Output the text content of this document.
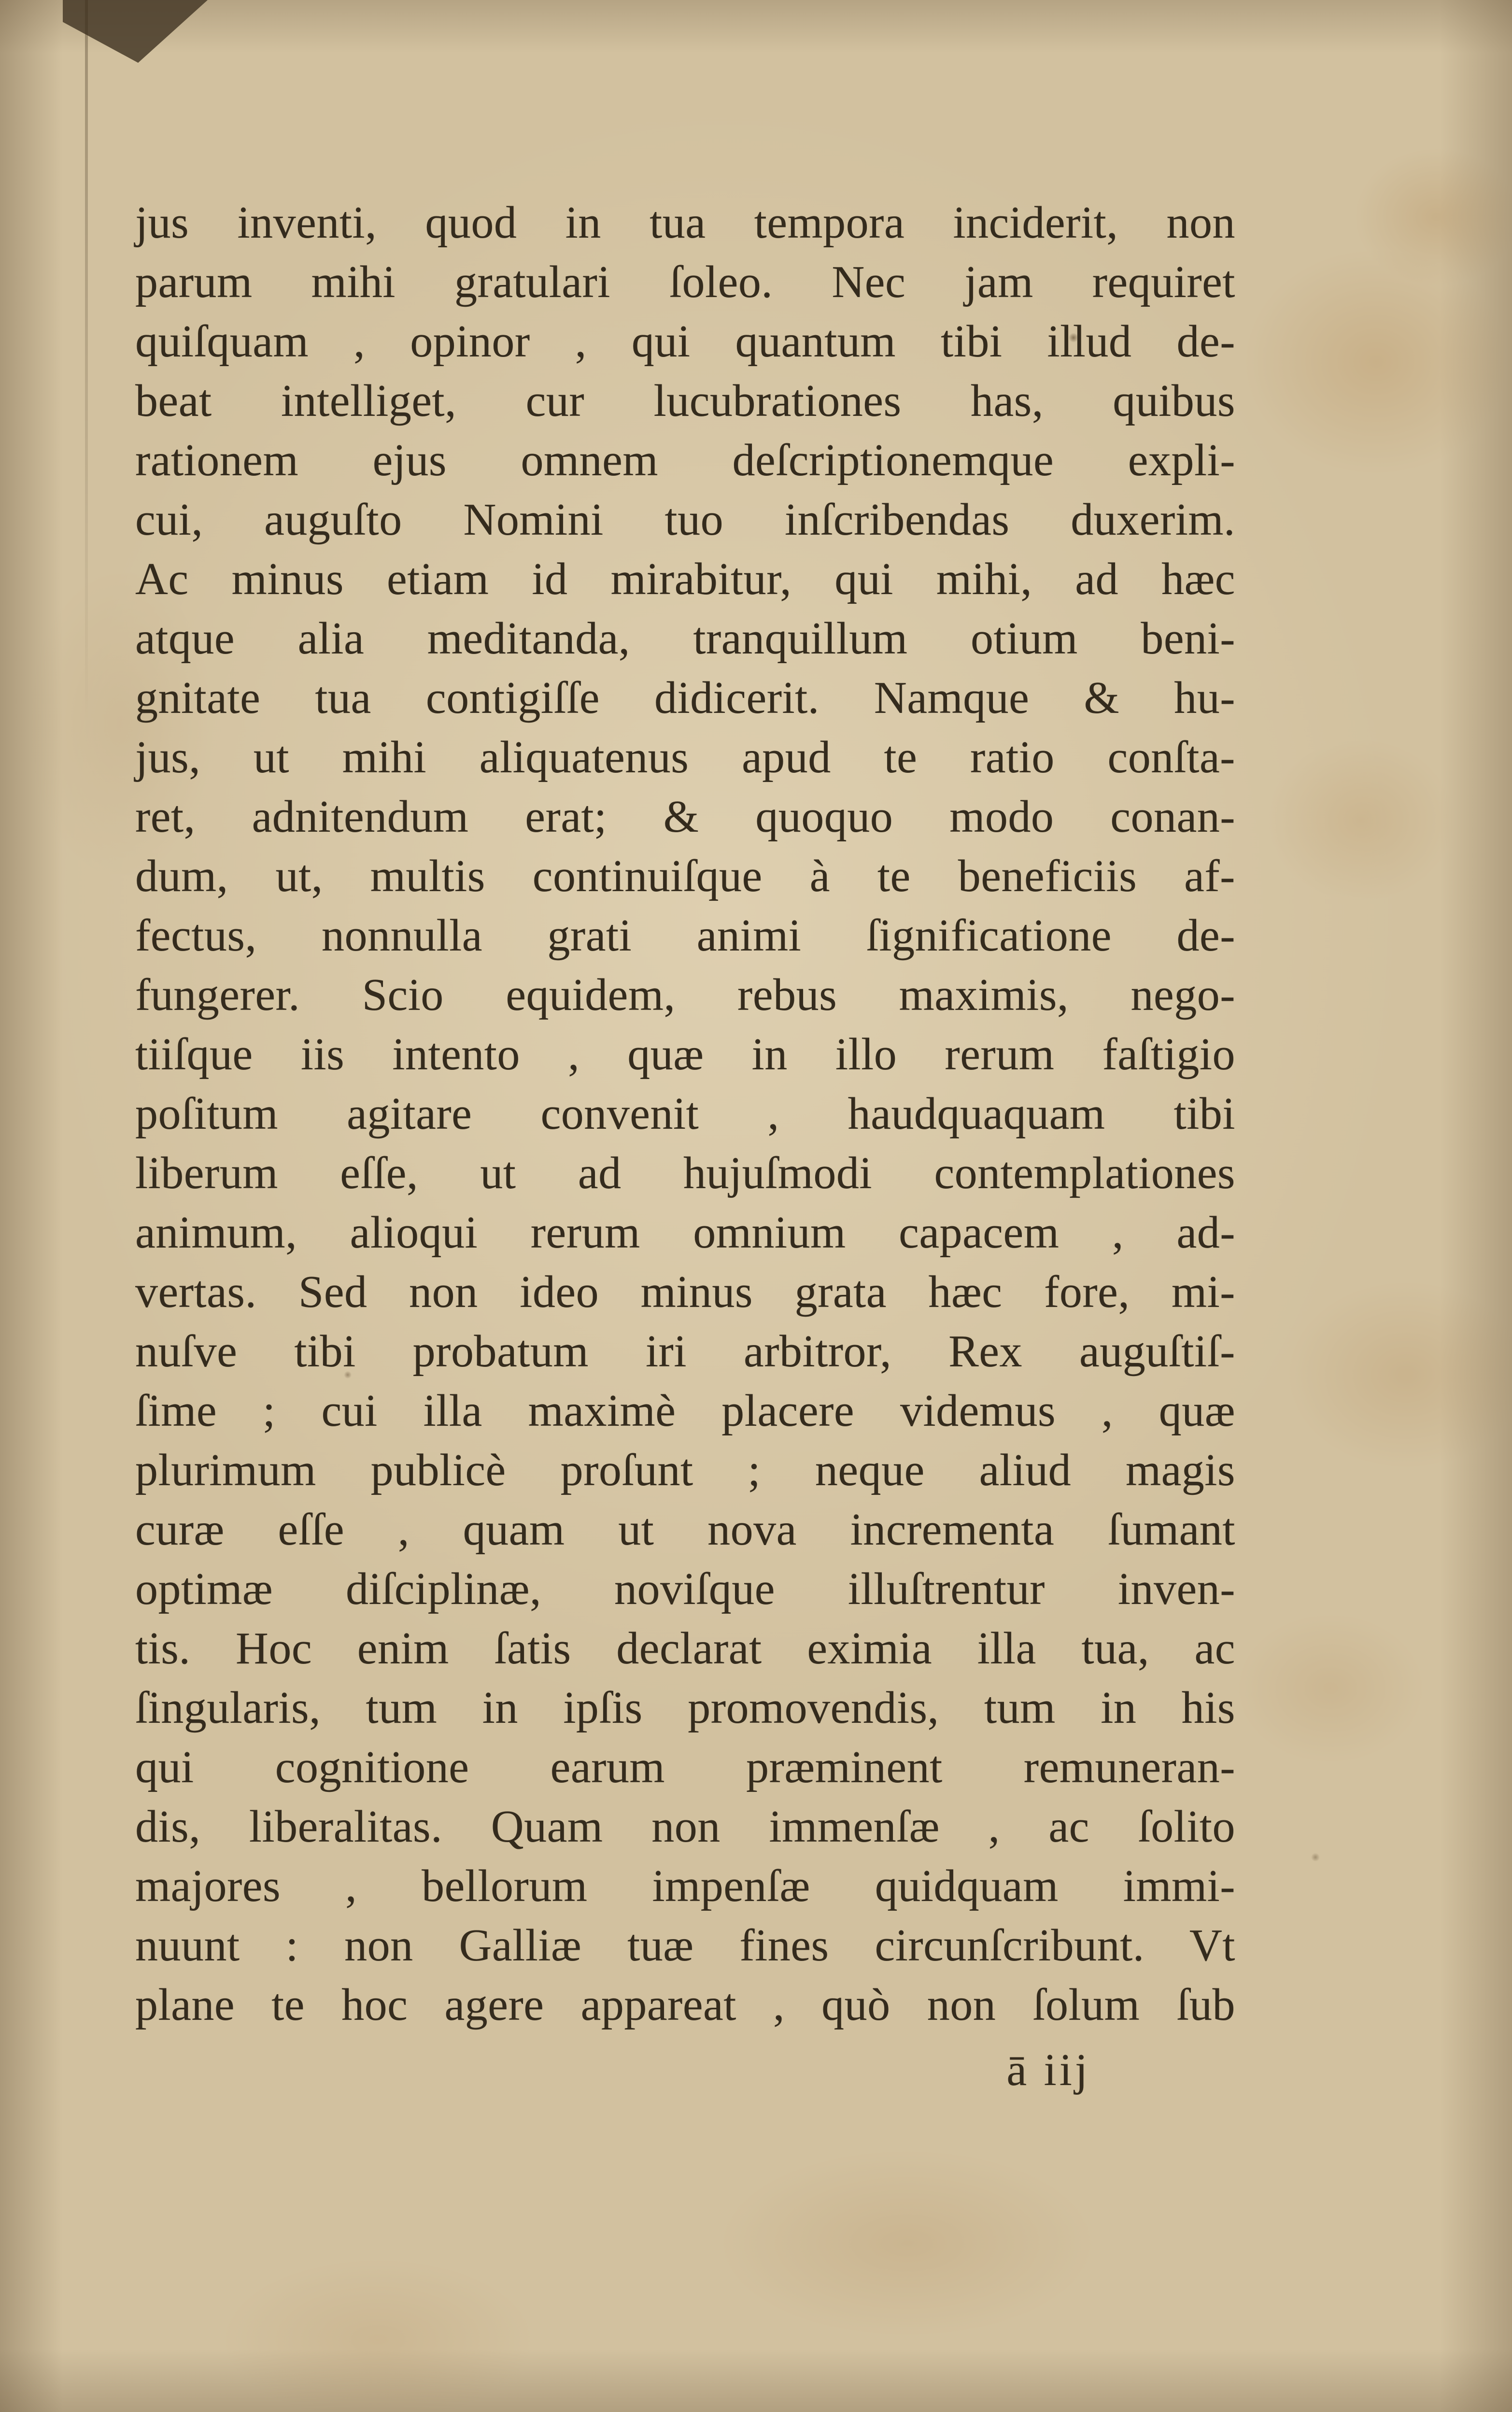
jus inventi, quod in tua tempora inciderit, non
parum mihi gratulari ſoleo. Nec jam requiret
quiſquam , opinor , qui quantum tibi illud de-
beat intelliget, cur lucubrationes has, quibus
rationem ejus omnem deſcriptionemque expli-
cui, auguſto Nomini tuo inſcribendas duxerim.
Ac minus etiam id mirabitur, qui mihi, ad hæc
atque alia meditanda, tranquillum otium beni-
gnitate tua contigiſſe didicerit. Namque & hu-
jus, ut mihi aliquatenus apud te ratio conſta-
ret, adnitendum erat; & quoquo modo conan-
dum, ut, multis continuiſque à te beneficiis af-
fectus, nonnulla grati animi ſignificatione de-
fungerer. Scio equidem, rebus maximis, nego-
tiiſque iis intento , quæ in illo rerum faſtigio
poſitum agitare convenit , haudquaquam tibi
liberum eſſe, ut ad hujuſmodi contemplationes
animum, alioqui rerum omnium capacem , ad-
vertas. Sed non ideo minus grata hæc fore, mi-
nuſve tibi probatum iri arbitror, Rex auguſtiſ-
ſime ; cui illa maximè placere videmus , quæ
plurimum publicè proſunt ; neque aliud magis
curæ eſſe , quam ut nova incrementa ſumant
optimæ diſciplinæ, noviſque illuſtrentur inven-
tis. Hoc enim ſatis declarat eximia illa tua, ac
ſingularis, tum in ipſis promovendis, tum in his
qui cognitione earum præminent remuneran-
dis, liberalitas. Quam non immenſæ , ac ſolito
majores , bellorum impenſæ quidquam immi-
nuunt : non Galliæ tuæ fines circunſcribunt. Vt
plane te hoc agere appareat , quò non ſolum ſub
ā iij
